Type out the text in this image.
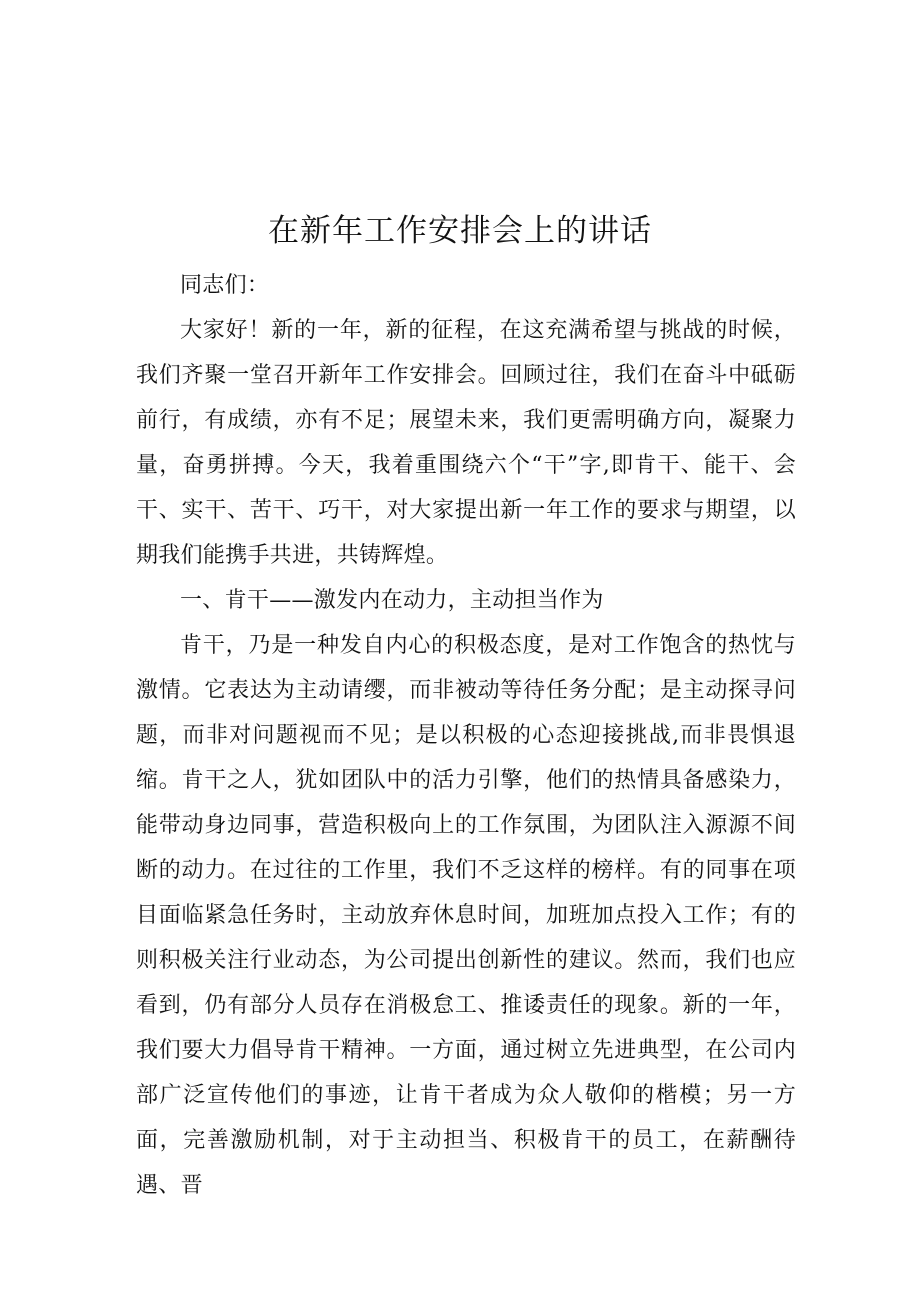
在新年工作安排会上的讲话

同志们：

大家好！新的一年，新的征程，在这充满希望与挑战的时候，我们齐聚一堂召开新年工作安排会。回顾过往，我们在奋斗中砥砺前行，有成绩，亦有不足；展望未来，我们更需明确方向，凝聚力量，奋勇拼搏。今天，我着重围绕六个“干”字,即肯干、能干、会干、实干、苦干、巧干，对大家提出新一年工作的要求与期望，以期我们能携手共进，共铸辉煌。

一、肯干——激发内在动力，主动担当作为

肯干，乃是一种发自内心的积极态度，是对工作饱含的热忱与激情。它表达为主动请缨，而非被动等待任务分配；是主动探寻问题，而非对问题视而不见；是以积极的心态迎接挑战,而非畏惧退缩。肯干之人，犹如团队中的活力引擎，他们的热情具备感染力，能带动身边同事，营造积极向上的工作氛围，为团队注入源源不间断的动力。在过往的工作里，我们不乏这样的榜样。有的同事在项目面临紧急任务时，主动放弃休息时间，加班加点投入工作；有的则积极关注行业动态，为公司提出创新性的建议。然而，我们也应看到，仍有部分人员存在消极怠工、推诿责任的现象。新的一年，我们要大力倡导肯干精神。一方面，通过树立先进典型，在公司内部广泛宣传他们的事迹，让肯干者成为众人敬仰的楷模；另一方面，完善激励机制，对于主动担当、积极肯干的员工，在薪酬待遇、晋
